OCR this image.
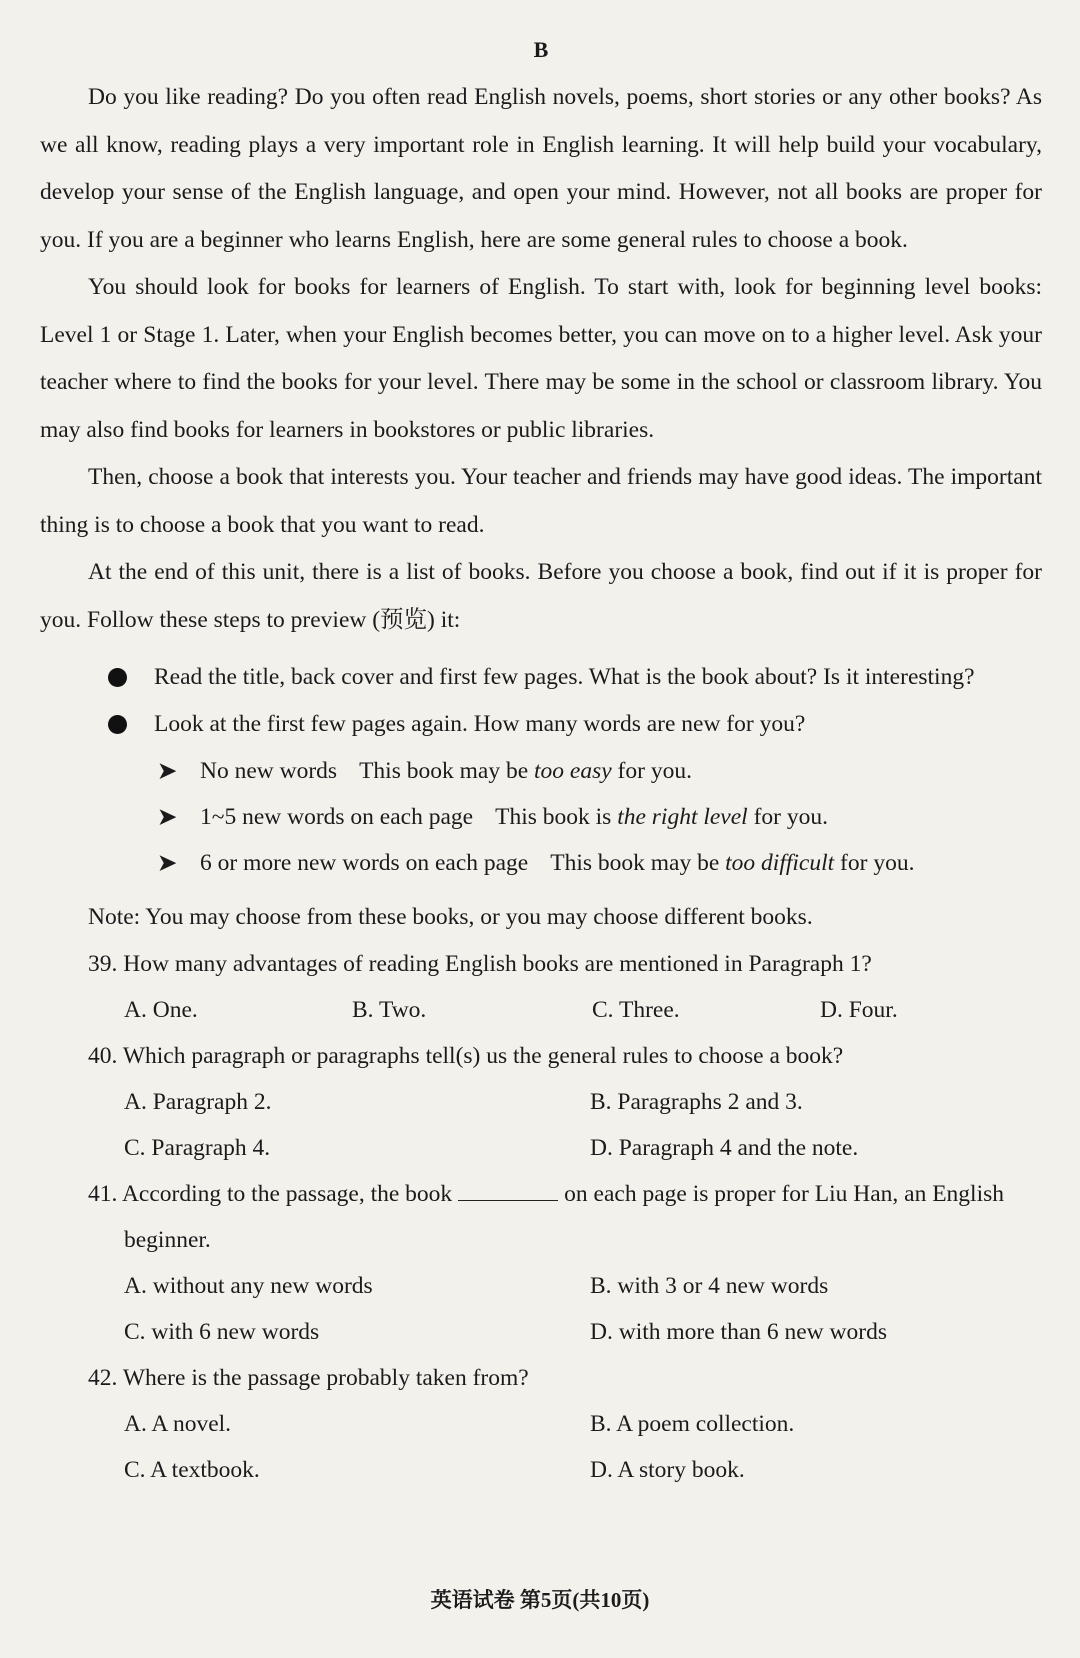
B

Do you like reading? Do you often read English novels, poems, short stories or any other books? As we all know, reading plays a very important role in English learning. It will help build your vocabulary, develop your sense of the English language, and open your mind. However, not all books are proper for you. If you are a beginner who learns English, here are some general rules to choose a book.

You should look for books for learners of English. To start with, look for beginning level books: Level 1 or Stage 1. Later, when your English becomes better, you can move on to a higher level. Ask your teacher where to find the books for your level. There may be some in the school or classroom library. You may also find books for learners in bookstores or public libraries.

Then, choose a book that interests you. Your teacher and friends may have good ideas. The important thing is to choose a book that you want to read.

At the end of this unit, there is a list of books. Before you choose a book, find out if it is proper for you. Follow these steps to preview (预览) it:

Read the title, back cover and first few pages. What is the book about? Is it interesting?
Look at the first few pages again. How many words are new for you?
➤ No new words This book may be too easy for you.
➤ 1~5 new words on each page This book is the right level for you.
➤ 6 or more new words on each page This book may be too difficult for you.
Note: You may choose from these books, or you may choose different books.

39. How many advantages of reading English books are mentioned in Paragraph 1?

A. One.	B. Two.	C. Three.	D. Four.

40. Which paragraph or paragraphs tell(s) us the general rules to choose a book?

A. Paragraph 2.	B. Paragraphs 2 and 3.
C. Paragraph 4.	D. Paragraph 4 and the note.

41. According to the passage, the book	on each page is proper for Liu Han, an English beginner.

A. without any new words	B. with 3 or 4 new words
C. with 6 new words	D. with more than 6 new words

42. Where is the passage probably taken from?

A. A novel.	B. A poem collection.
C. A textbook.	D. A story book.
英语试卷 第5页(共10页)
